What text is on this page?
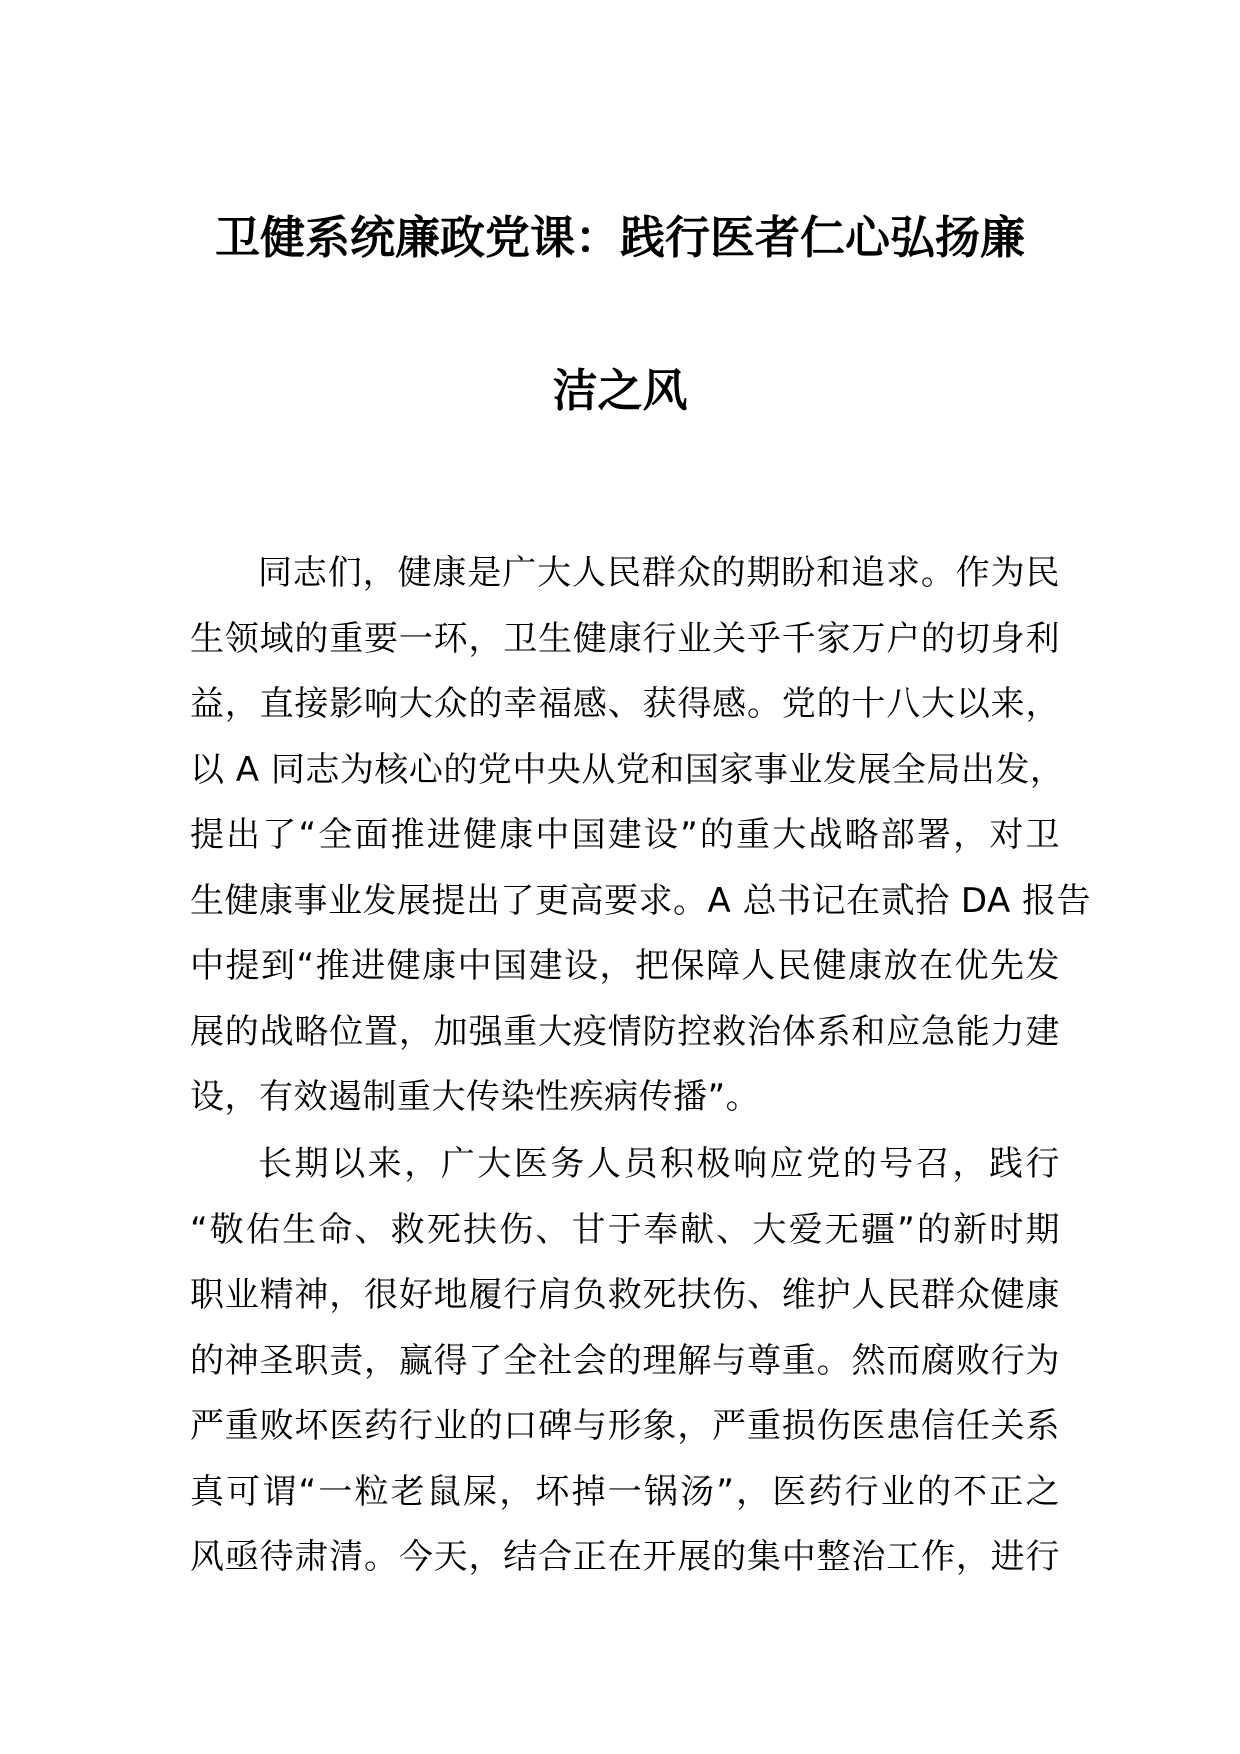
卫健系统廉政党课：践行医者仁心弘扬廉
洁之风
同志们，健康是广大人民群众的期盼和追求。作为民
生领域的重要一环，卫生健康行业关乎千家万户的切身利
益，直接影响大众的幸福感、获得感。党的十八大以来，
以 A 同志为核心的党中央从党和国家事业发展全局出发，
提出了“全面推进健康中国建设”的重大战略部署，对卫
生健康事业发展提出了更高要求。A 总书记在贰拾 DA 报告
中提到“推进健康中国建设，把保障人民健康放在优先发
展的战略位置，加强重大疫情防控救治体系和应急能力建
设，有效遏制重大传染性疾病传播”。
长期以来，广大医务人员积极响应党的号召，践行
“敬佑生命、救死扶伤、甘于奉献、大爱无疆”的新时期
职业精神，很好地履行肩负救死扶伤、维护人民群众健康
的神圣职责，赢得了全社会的理解与尊重。然而腐败行为
严重败坏医药行业的口碑与形象，严重损伤医患信任关系
真可谓“一粒老鼠屎，坏掉一锅汤”，医药行业的不正之
风亟待肃清。今天，结合正在开展的集中整治工作，进行
